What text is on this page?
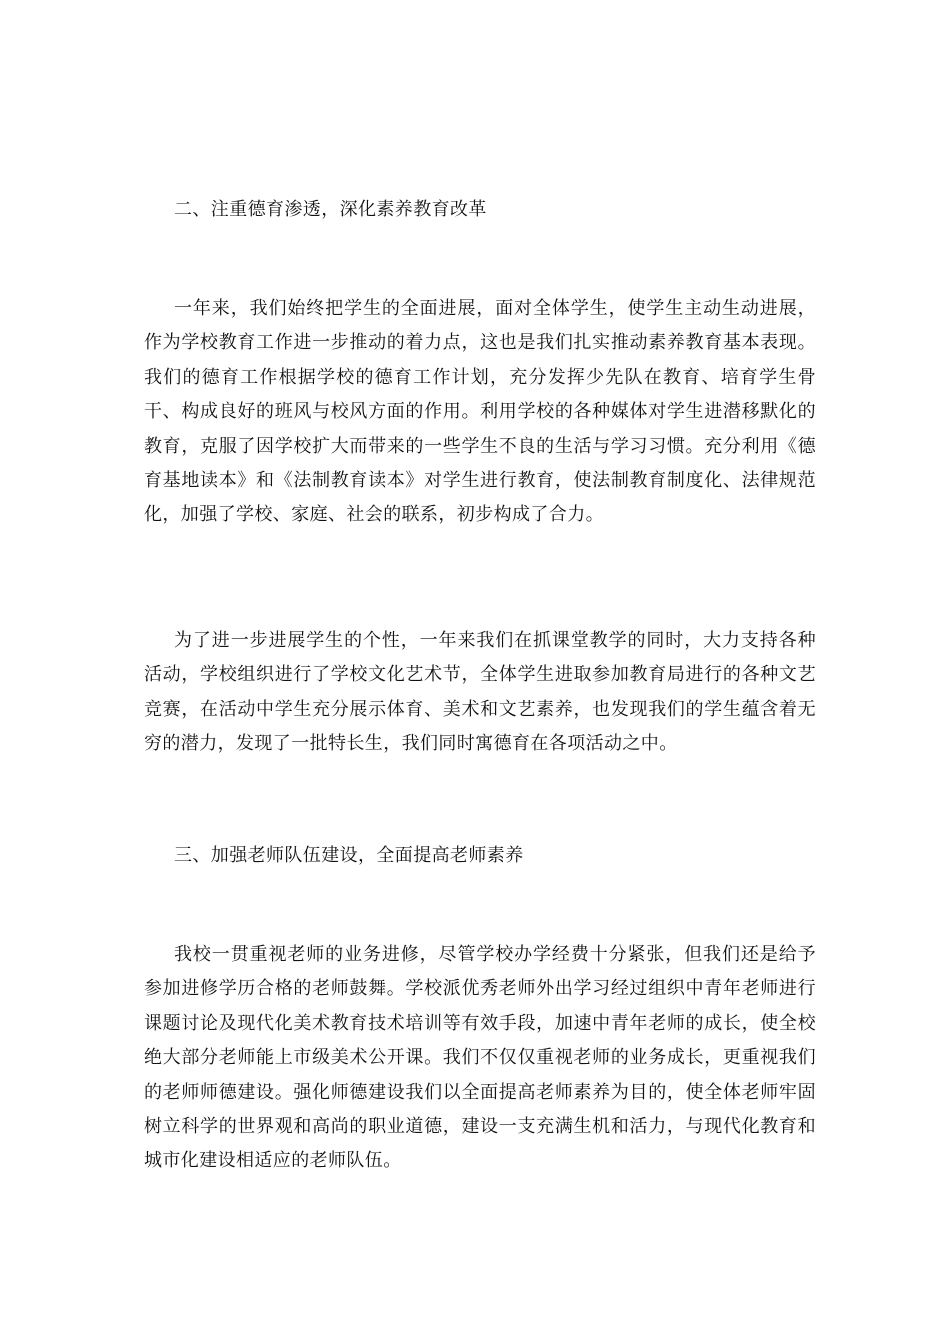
二、注重德育渗透，深化素养教育改革

一年来，我们始终把学生的全面进展，面对全体学生，使学生主动生动进展，作为学校教育工作进一步推动的着力点，这也是我们扎实推动素养教育基本表现。我们的德育工作根据学校的德育工作计划，充分发挥少先队在教育、培育学生骨干、构成良好的班风与校风方面的作用。利用学校的各种媒体对学生进潜移默化的教育，克服了因学校扩大而带来的一些学生不良的生活与学习习惯。充分利用《德育基地读本》和《法制教育读本》对学生进行教育，使法制教育制度化、法律规范化，加强了学校、家庭、社会的联系，初步构成了合力。

为了进一步进展学生的个性，一年来我们在抓课堂教学的同时，大力支持各种活动，学校组织进行了学校文化艺术节，全体学生进取参加教育局进行的各种文艺竞赛，在活动中学生充分展示体育、美术和文艺素养，也发现我们的学生蕴含着无穷的潜力，发现了一批特长生，我们同时寓德育在各项活动之中。

三、加强老师队伍建设，全面提高老师素养

我校一贯重视老师的业务进修，尽管学校办学经费十分紧张，但我们还是给予参加进修学历合格的老师鼓舞。学校派优秀老师外出学习经过组织中青年老师进行课题讨论及现代化美术教育技术培训等有效手段，加速中青年老师的成长，使全校绝大部分老师能上市级美术公开课。我们不仅仅重视老师的业务成长，更重视我们的老师师德建设。强化师德建设我们以全面提高老师素养为目的，使全体老师牢固树立科学的世界观和高尚的职业道德，建设一支充满生机和活力，与现代化教育和城市化建设相适应的老师队伍。
